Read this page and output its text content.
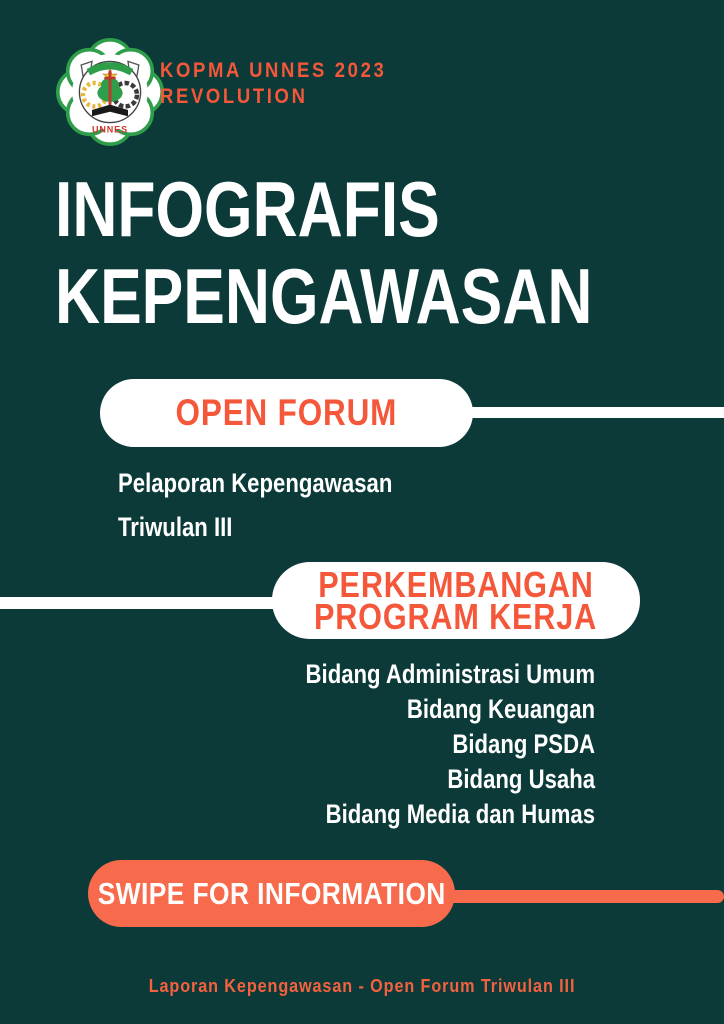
UNNES
KOPMA UNNES 2023
REVOLUTION
INFOGRAFIS
KEPENGAWASAN
OPEN FORUM
Pelaporan Kepengawasan
Triwulan III
PERKEMBANGAN
PROGRAM KERJA
Bidang Administrasi Umum
Bidang Keuangan
Bidang PSDA
Bidang Usaha
Bidang Media dan Humas
SWIPE FOR INFORMATION
Laporan Kepengawasan - Open Forum Triwulan III
